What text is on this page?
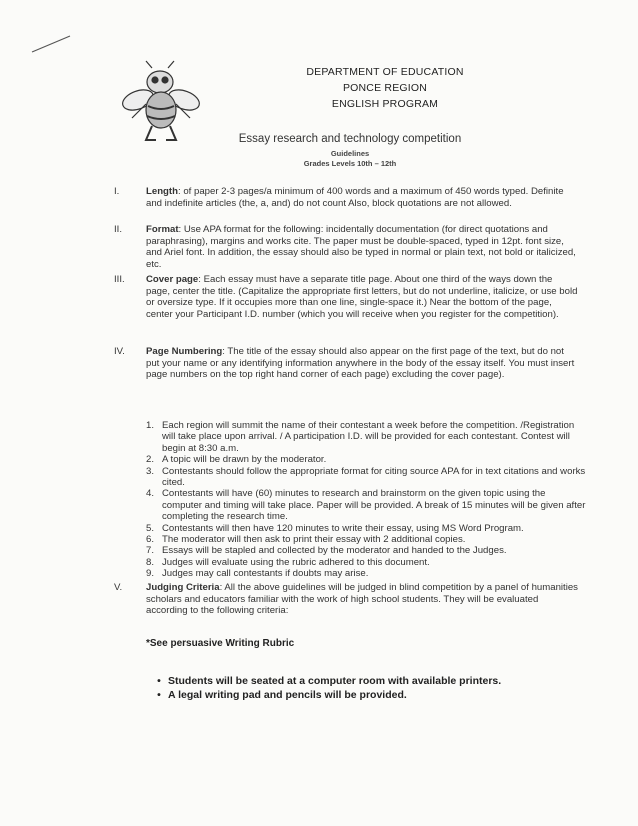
DEPARTMENT OF EDUCATION
PONCE REGION
ENGLISH PROGRAM
Essay research and technology competition
Guidelines
Grades Levels 10th – 12th
I.	Length: of paper 2-3 pages/a minimum of 400 words and a maximum of 450 words typed. Definite and indefinite articles (the, a, and) do not count Also, block quotations are not allowed.
II.	Format: Use APA format for the following: incidentally documentation (for direct quotations and paraphrasing), margins and works cite. The paper must be double-spaced, typed in 12pt. font size, and Ariel font. In addition, the essay should also be typed in normal or plain text, not bold or italicized, etc.
III. Cover page: Each essay must have a separate title page. About one third of the ways down the page, center the title. (Capitalize the appropriate first letters, but do not underline, italicize, or use bold or oversize type. If it occupies more than one line, single-space it.) Near the bottom of the page, center your Participant I.D. number (which you will receive when you register for the competition).
IV. Page Numbering: The title of the essay should also appear on the first page of the text, but do not put your name or any identifying information anywhere in the body of the essay itself. You must insert page numbers on the top right hand corner of each page) excluding the cover page).
1. Each region will summit the name of their contestant a week before the competition. /Registration will take place upon arrival. / A participation I.D. will be provided for each contestant. Contest will begin at 8:30 a.m.
2. A topic will be drawn by the moderator.
3. Contestants should follow the appropriate format for citing source APA for in text citations and works cited.
4. Contestants will have (60) minutes to research and brainstorm on the given topic using the computer and timing will take place. Paper will be provided. A break of 15 minutes will be given after completing the research time.
5. Contestants will then have 120 minutes to write their essay, using MS Word Program.
6. The moderator will then ask to print their essay with 2 additional copies.
7. Essays will be stapled and collected by the moderator and handed to the Judges.
8. Judges will evaluate using the rubric adhered to this document.
9. Judges may call contestants if doubts may arise.
V. Judging Criteria: All the above guidelines will be judged in blind competition by a panel of humanities scholars and educators familiar with the work of high school students. They will be evaluated according to the following criteria:
*See persuasive Writing Rubric
• Students will be seated at a computer room with available printers.
• A legal writing pad and pencils will be provided.
